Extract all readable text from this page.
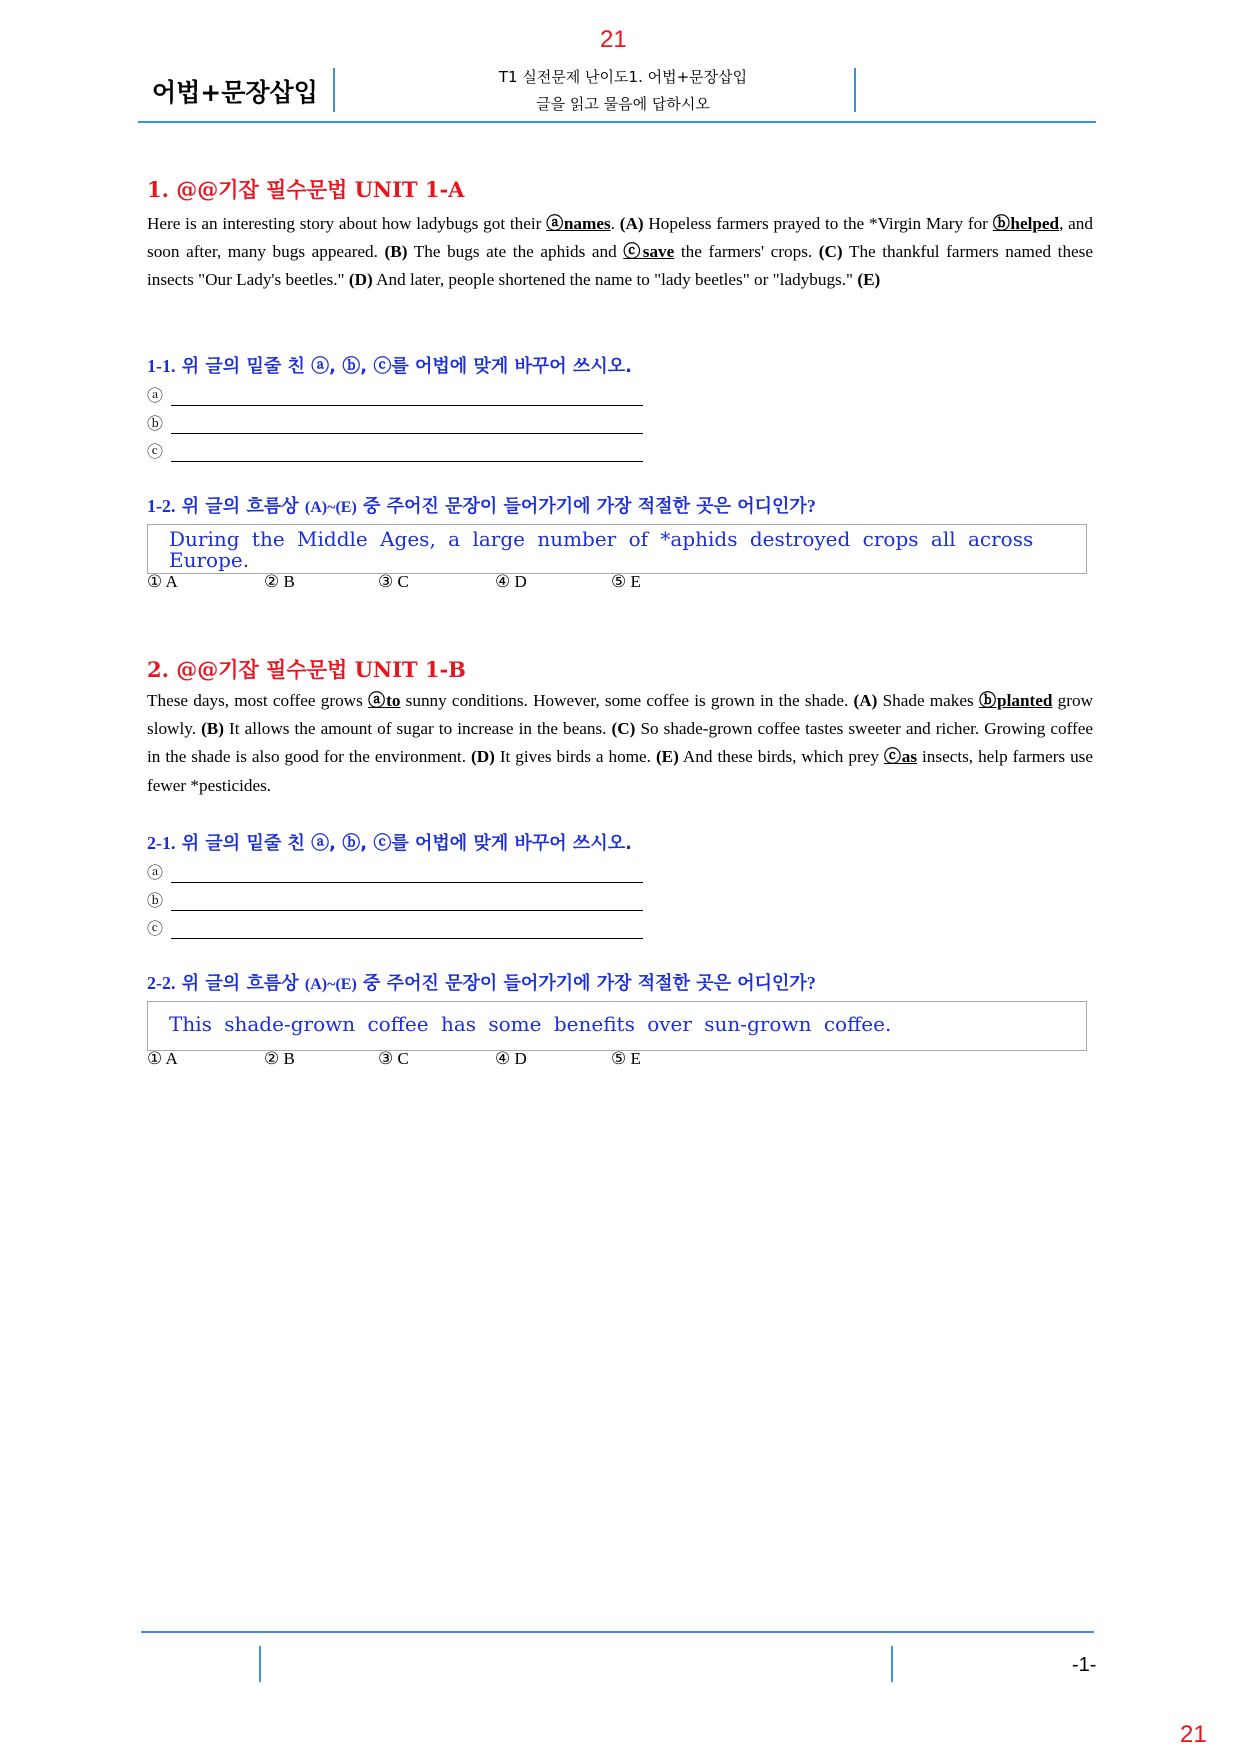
21
어법+문장삽입
T1 실전문제 난이도1. 어법+문장삽입
글을 읽고 물음에 답하시오
1. @@기잡 필수문법 UNIT 1-A
Here is an interesting story about how ladybugs got their ⓐnames. (A) Hopeless farmers prayed to the *Virgin Mary for ⓑhelped, and soon after, many bugs appeared. (B) The bugs ate the aphids and ⓒsave the farmers' crops. (C) The thankful farmers named these insects "Our Lady's beetles." (D) And later, people shortened the name to "lady beetles" or "ladybugs." (E)
1-1. 위 글의 밑줄 친 ⓐ, ⓑ, ⓒ를 어법에 맞게 바꾸어 쓰시오.
ⓐ
ⓑ
ⓒ
1-2. 위 글의 흐름상 (A)~(E) 중 주어진 문장이 들어가기에 가장 적절한 곳은 어디인가?
During the Middle Ages, a large number of *aphids destroyed crops all across Europe.
① A	② B	③ C	④ D	⑤ E
2. @@기잡 필수문법 UNIT 1-B
These days, most coffee grows ⓐto sunny conditions. However, some coffee is grown in the shade. (A) Shade makes ⓑplanted grow slowly. (B) It allows the amount of sugar to increase in the beans. (C) So shade-grown coffee tastes sweeter and richer. Growing coffee in the shade is also good for the environment. (D) It gives birds a home. (E) And these birds, which prey ⓒas insects, help farmers use fewer *pesticides.
2-1. 위 글의 밑줄 친 ⓐ, ⓑ, ⓒ를 어법에 맞게 바꾸어 쓰시오.
ⓐ
ⓑ
ⓒ
2-2. 위 글의 흐름상 (A)~(E) 중 주어진 문장이 들어가기에 가장 적절한 곳은 어디인가?
This shade-grown coffee has some benefits over sun-grown coffee.
① A	② B	③ C	④ D	⑤ E
-1-
21
